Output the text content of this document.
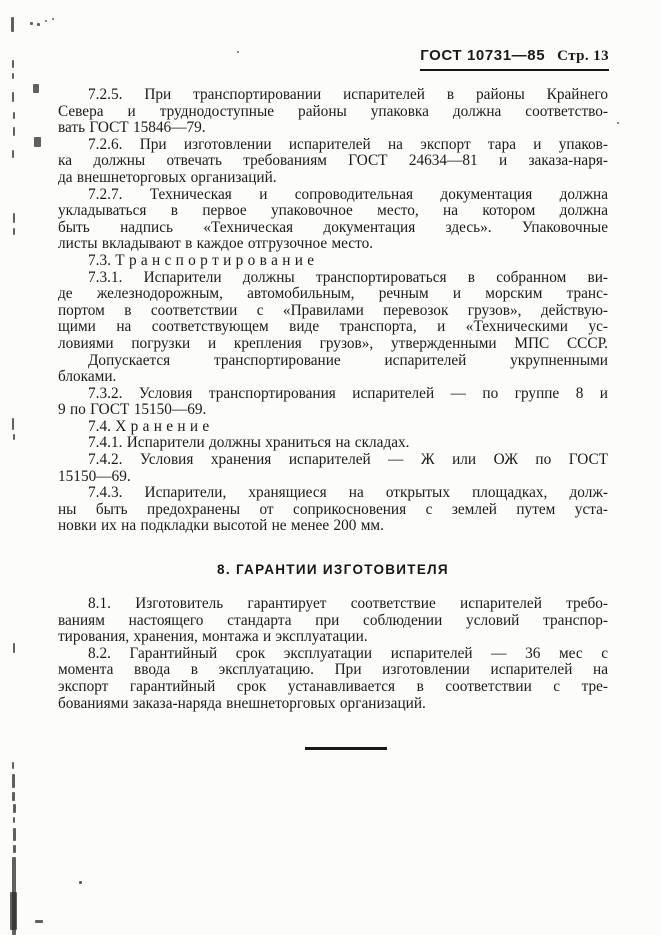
ГОСТ 10731—85 Стр. 13
7.2.5. При транспортировании испарителей в районы Крайнего
Севера и труднодоступные районы упаковка должна соответство-
вать ГОСТ 15846—79.
7.2.6. При изготовлении испарителей на экспорт тара и упаков-
ка должны отвечать требованиям ГОСТ 24634—81 и заказа-наря-
да внешнеторговых организаций.
7.2.7. Техническая и сопроводительная документация должна
укладываться в первое упаковочное место, на котором должна
быть надпись «Техническая документация здесь». Упаковочные
листы вкладывают в каждое отгрузочное место.
7.3. Т р а н с п о р т и р о в а н и е
7.3.1. Испарители должны транспортироваться в собранном ви-
де железнодорожным, автомобильным, речным и морским транс-
портом в соответствии с «Правилами перевозок грузов», действую-
щими на соответствующем виде транспорта, и «Техническими ус-
ловиями погрузки и крепления грузов», утвержденными МПС СССР.
Допускается транспортирование испарителей укрупненными
блоками.
7.3.2. Условия транспортирования испарителей — по группе 8 и
9 по ГОСТ 15150—69.
7.4. Х р а н е н и е
7.4.1. Испарители должны храниться на складах.
7.4.2. Условия хранения испарителей — Ж или ОЖ по ГОСТ
15150—69.
7.4.3. Испарители, хранящиеся на открытых площадках, долж-
ны быть предохранены от соприкосновения с землей путем уста-
новки их на подкладки высотой не менее 200 мм.
8. ГАРАНТИИ ИЗГОТОВИТЕЛЯ
8.1. Изготовитель гарантирует соответствие испарителей требо-
ваниям настоящего стандарта при соблюдении условий транспор-
тирования, хранения, монтажа и эксплуатации.
8.2. Гарантийный срок эксплуатации испарителей — 36 мес с
момента ввода в эксплуатацию. При изготовлении испарителей на
экспорт гарантийный срок устанавливается в соответствии с тре-
бованиями заказа-наряда внешнеторговых организаций.
